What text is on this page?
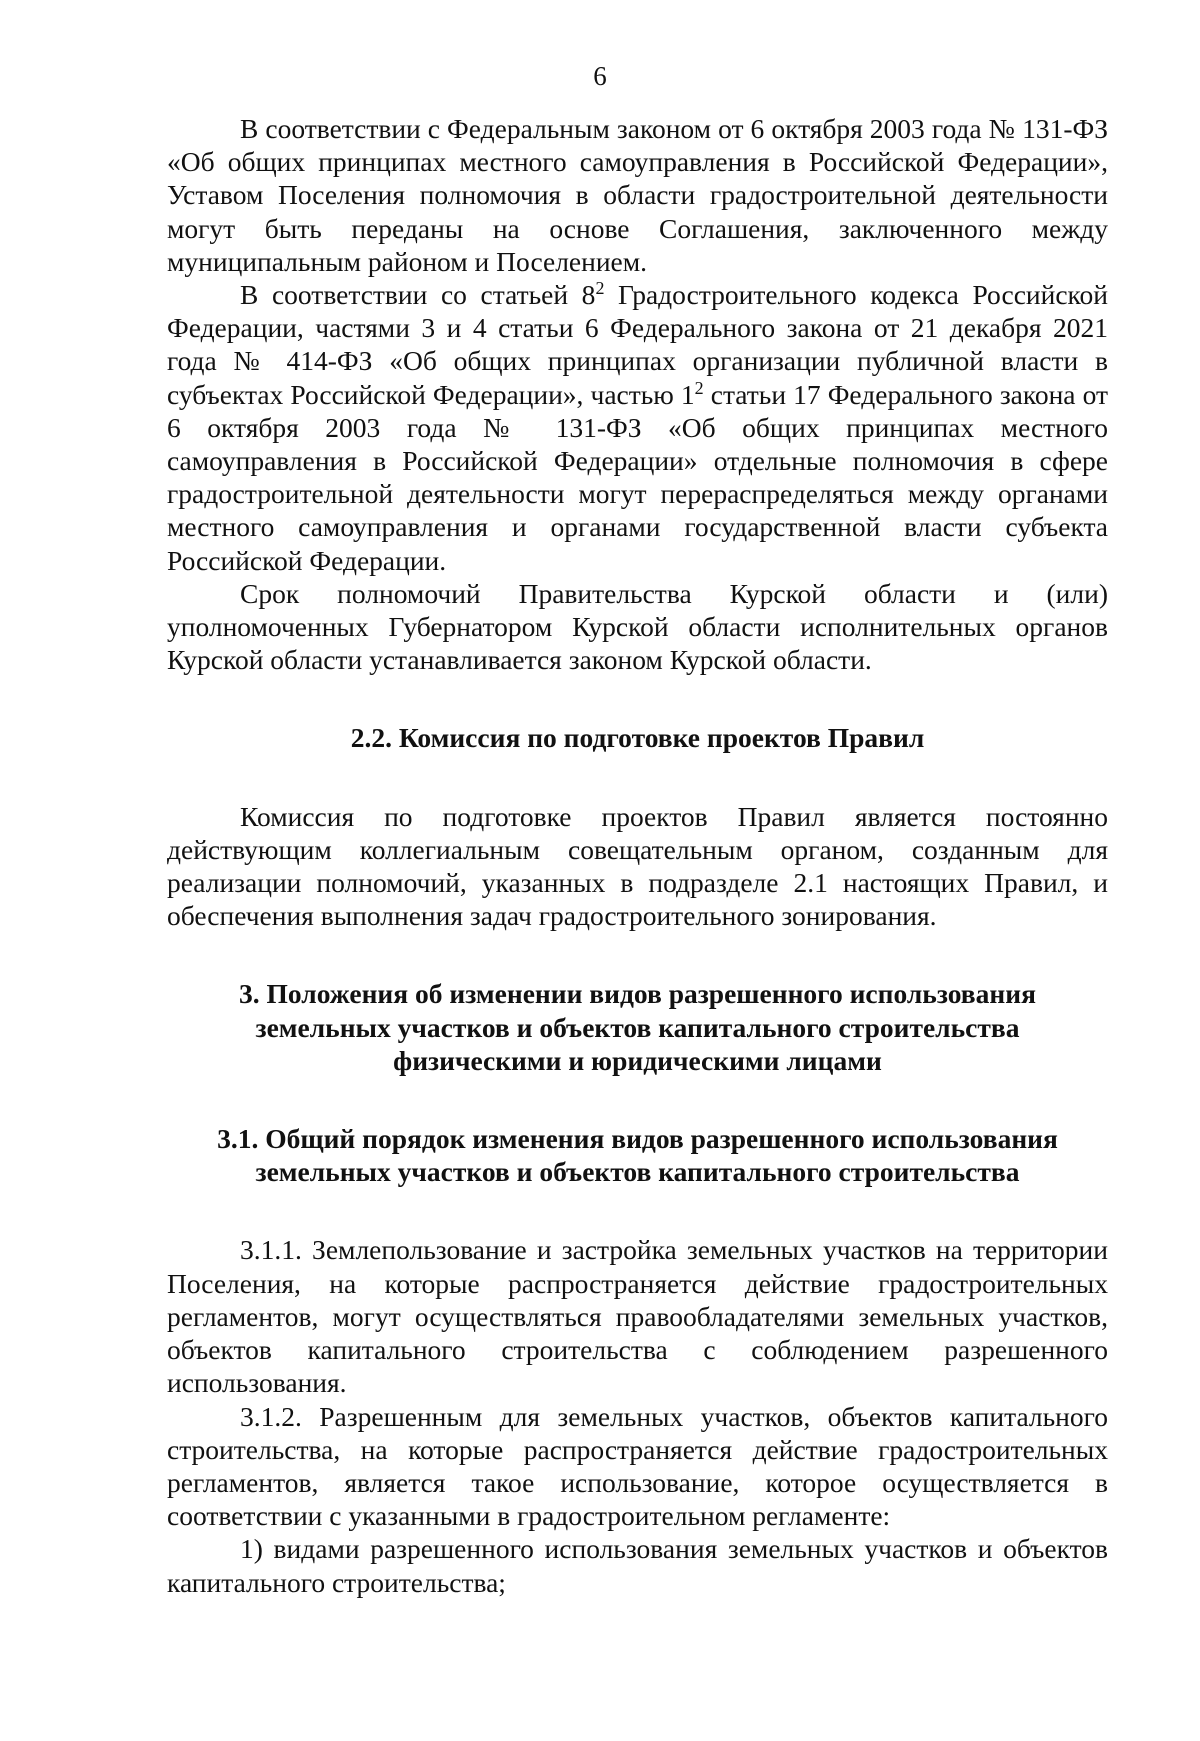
6

В соответствии с Федеральным законом от 6 октября 2003 года № 131-ФЗ «Об общих принципах местного самоуправления в Российской Федерации», Уставом Поселения полномочия в области градостроительной деятельности могут быть переданы на основе Соглашения, заключенного между муниципальным районом и Поселением.

В соответствии со статьей $8^2$ Градостроительного кодекса Российской Федерации, частями 3 и 4 статьи 6 Федерального закона от 21 декабря 2021 года № 414-ФЗ «Об общих принципах организации публичной власти в субъектах Российской Федерации», частью $1^2$ статьи 17 Федерального закона от 6 октября 2003 года № 131-ФЗ «Об общих принципах местного самоуправления в Российской Федерации» отдельные полномочия в сфере градостроительной деятельности могут перераспределяться между органами местного самоуправления и органами государственной власти субъекта Российской Федерации.

Срок полномочий Правительства Курской области и (или) уполномоченных Губернатором Курской области исполнительных органов Курской области устанавливается законом Курской области.

2.2. Комиссия по подготовке проектов Правил

Комиссия по подготовке проектов Правил является постоянно действующим коллегиальным совещательным органом, созданным для реализации полномочий, указанных в подразделе 2.1 настоящих Правил, и обеспечения выполнения задач градостроительного зонирования.

3. Положения об изменении видов разрешенного использования
земельных участков и объектов капитального строительства
физическими и юридическими лицами
3.1. Общий порядок изменения видов разрешенного использования
земельных участков и объектов капитального строительства

3.1.1. Землепользование и застройка земельных участков на территории Поселения, на которые распространяется действие градостроительных регламентов, могут осуществляться правообладателями земельных участков, объектов капитального строительства с соблюдением разрешенного использования.

3.1.2. Разрешенным для земельных участков, объектов капитального строительства, на которые распространяется действие градостроительных регламентов, является такое использование, которое осуществляется в соответствии с указанными в градостроительном регламенте:

1) видами разрешенного использования земельных участков и объектов капитального строительства;
